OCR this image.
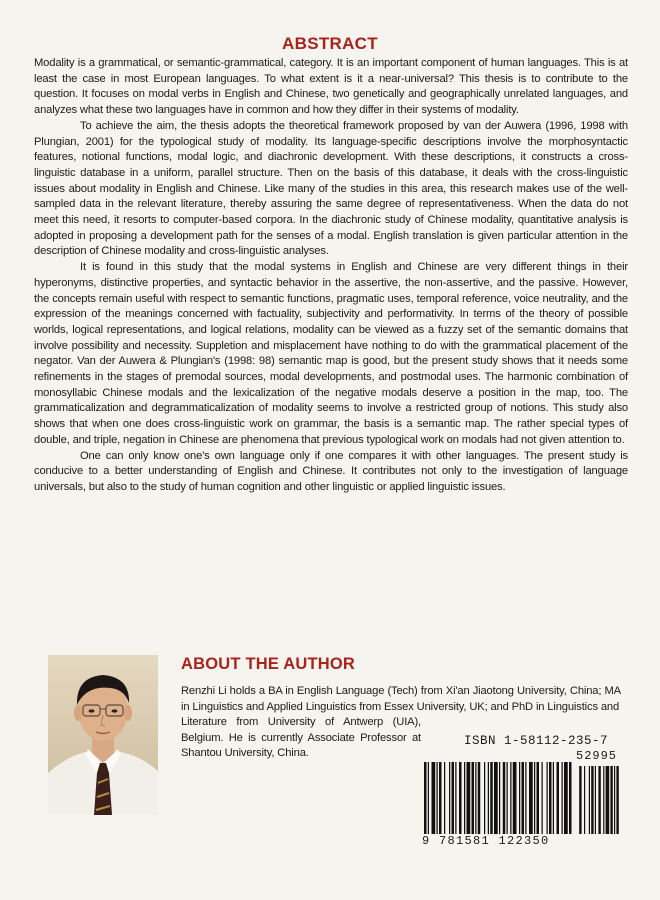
ABSTRACT

Modality is a grammatical, or semantic-grammatical, category. It is an important component of human languages. This is at least the case in most European languages. To what extent is it a near-universal? This thesis is to contribute to the question. It focuses on modal verbs in English and Chinese, two genetically and geographically unrelated languages, and analyzes what these two languages have in common and how they differ in their systems of modality.

To achieve the aim, the thesis adopts the theoretical framework proposed by van der Auwera (1996, 1998 with Plungian, 2001) for the typological study of modality. Its language-specific descriptions involve the morphosyntactic features, notional functions, modal logic, and diachronic development. With these descriptions, it constructs a cross-linguistic database in a uniform, parallel structure. Then on the basis of this database, it deals with the cross-linguistic issues about modality in English and Chinese. Like many of the studies in this area, this research makes use of the well-sampled data in the relevant literature, thereby assuring the same degree of representativeness. When the data do not meet this need, it resorts to computer-based corpora. In the diachronic study of Chinese modality, quantitative analysis is adopted in proposing a development path for the senses of a modal. English translation is given particular attention in the description of Chinese modality and cross-linguistic analyses.

It is found in this study that the modal systems in English and Chinese are very different things in their hyperonyms, distinctive properties, and syntactic behavior in the assertive, the non-assertive, and the passive. However, the concepts remain useful with respect to semantic functions, pragmatic uses, temporal reference, voice neutrality, and the expression of the meanings concerned with factuality, subjectivity and performativity. In terms of the theory of possible worlds, logical representations, and logical relations, modality can be viewed as a fuzzy set of the semantic domains that involve possibility and necessity. Suppletion and misplacement have nothing to do with the grammatical placement of the negator. Van der Auwera & Plungian's (1998: 98) semantic map is good, but the present study shows that it needs some refinements in the stages of premodal sources, modal developments, and postmodal uses. The harmonic combination of monosyllabic Chinese modals and the lexicalization of the negative modals deserve a position in the map, too. The grammaticalization and degrammaticalization of modality seems to involve a restricted group of notions. This study also shows that when one does cross-linguistic work on grammar, the basis is a semantic map. The rather special types of double, and triple, negation in Chinese are phenomena that previous typological work on modals had not given attention to.

One can only know one's own language only if one compares it with other languages. The present study is conducive to a better understanding of English and Chinese. It contributes not only to the investigation of language universals, but also to the study of human cognition and other linguistic or applied linguistic issues.

ABOUT THE AUTHOR
Renzhi Li holds a BA in English Language (Tech) from Xi'an Jiaotong University, China; MA in Linguistics and Applied Linguistics from Essex University, UK; and PhD in Linguistics and
Literature from University of Antwerp (UIA), Belgium. He is currently Associate Professor at Shantou University, China.
ISBN 1-58112-235-7
52995
9 781581 122350
